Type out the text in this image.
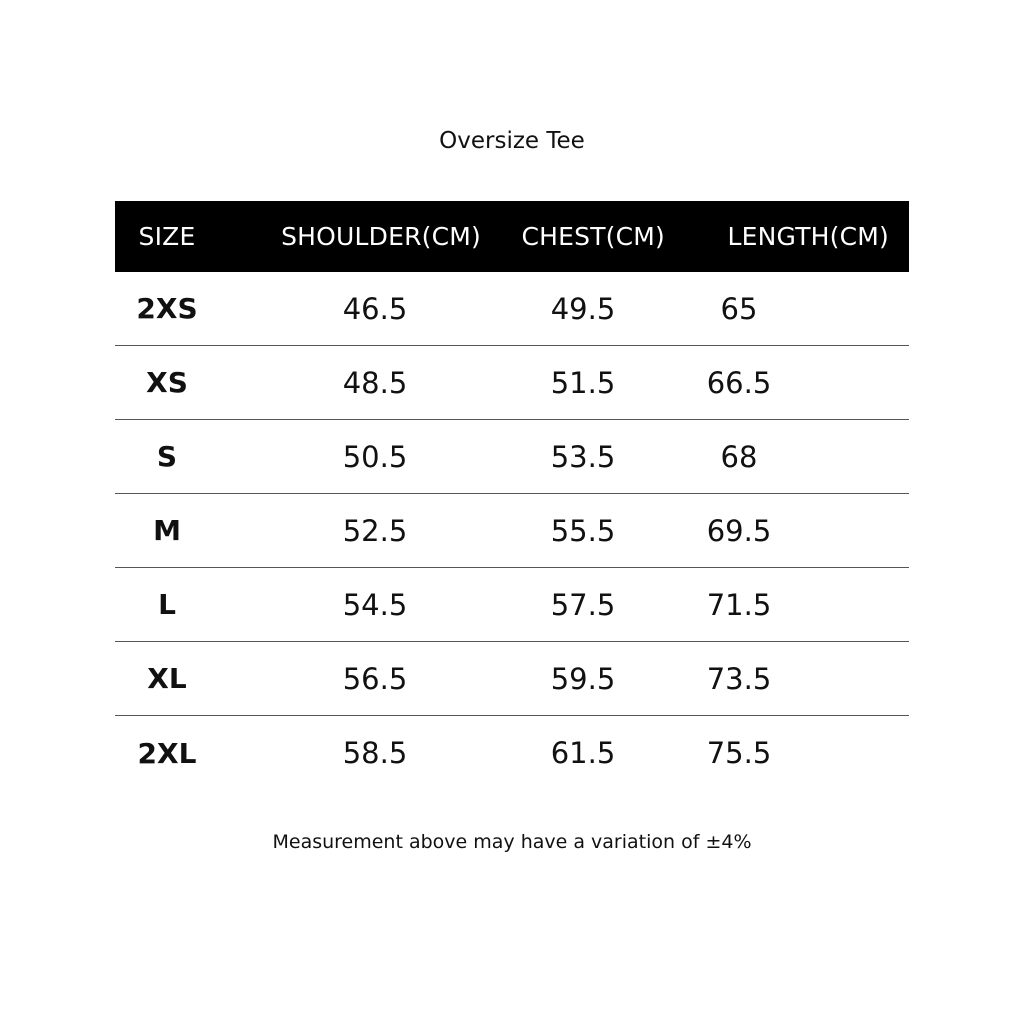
Oversize Tee
SIZE	SHOULDER(CM)	CHEST(CM)	LENGTH(CM)
2XS	46.5	49.5	65
XS	48.5	51.5	66.5
S	50.5	53.5	68
M	52.5	55.5	69.5
L	54.5	57.5	71.5
XL	56.5	59.5	73.5
2XL	58.5	61.5	75.5
Measurement above may have a variation of ±4%
